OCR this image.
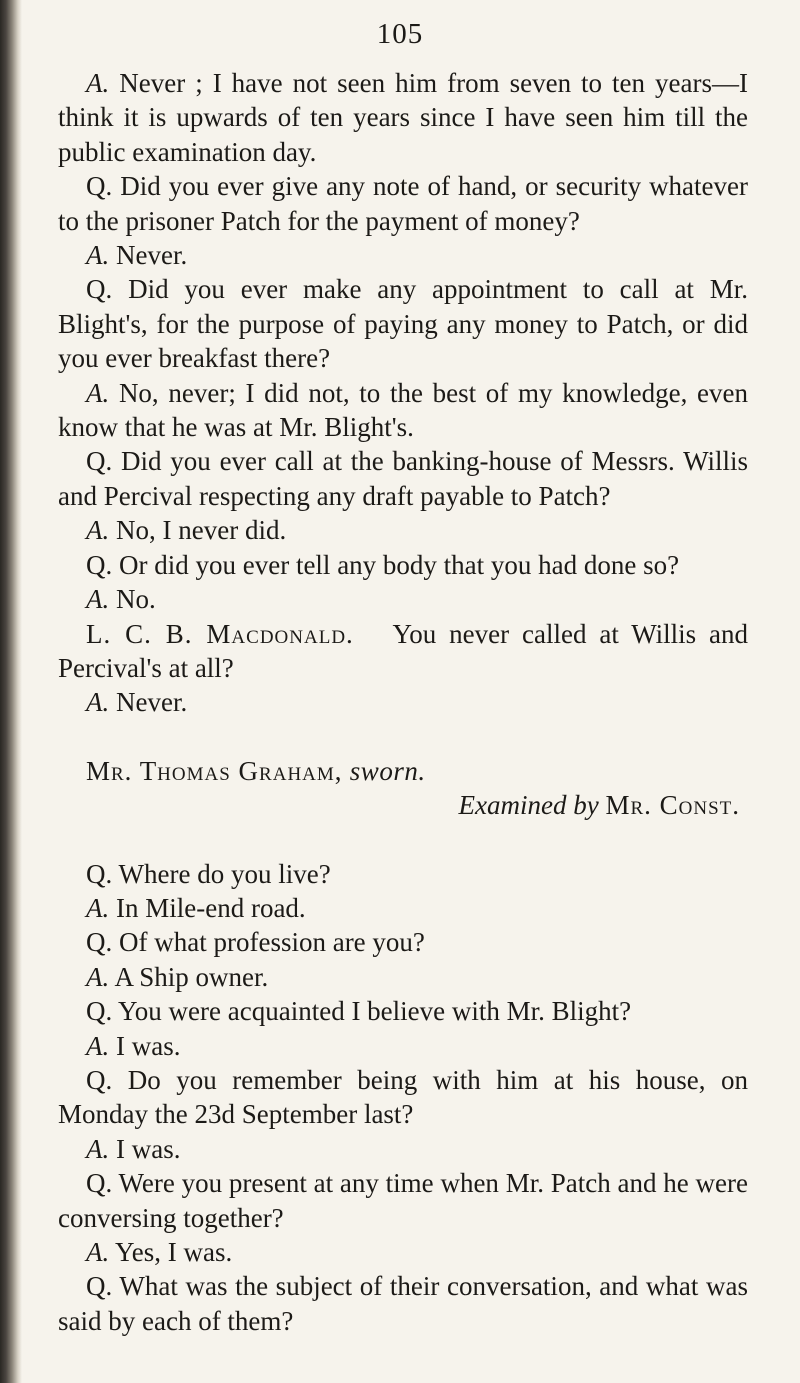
105

A. Never ; I have not seen him from seven to ten years—I think it is upwards of ten years since I have seen him till the public examination day.

Q. Did you ever give any note of hand, or security whatever to the prisoner Patch for the payment of money?

A. Never.

Q. Did you ever make any appointment to call at Mr. Blight's, for the purpose of paying any money to Patch, or did you ever breakfast there?

A. No, never; I did not, to the best of my knowledge, even know that he was at Mr. Blight's.

Q. Did you ever call at the banking-house of Messrs. Willis and Percival respecting any draft payable to Patch?

A. No, I never did.

Q. Or did you ever tell any body that you had done so?

A. No.

L. C. B. Macdonald. You never called at Willis and Percival's at all?

A. Never.

Mr. Thomas Graham, sworn.

Examined by Mr. Const.

Q. Where do you live?

A. In Mile-end road.

Q. Of what profession are you?

A. A Ship owner.

Q. You were acquainted I believe with Mr. Blight?

A. I was.

Q. Do you remember being with him at his house, on Monday the 23d September last?

A. I was.

Q. Were you present at any time when Mr. Patch and he were conversing together?

A. Yes, I was.

Q. What was the subject of their conversation, and what was said by each of them?
